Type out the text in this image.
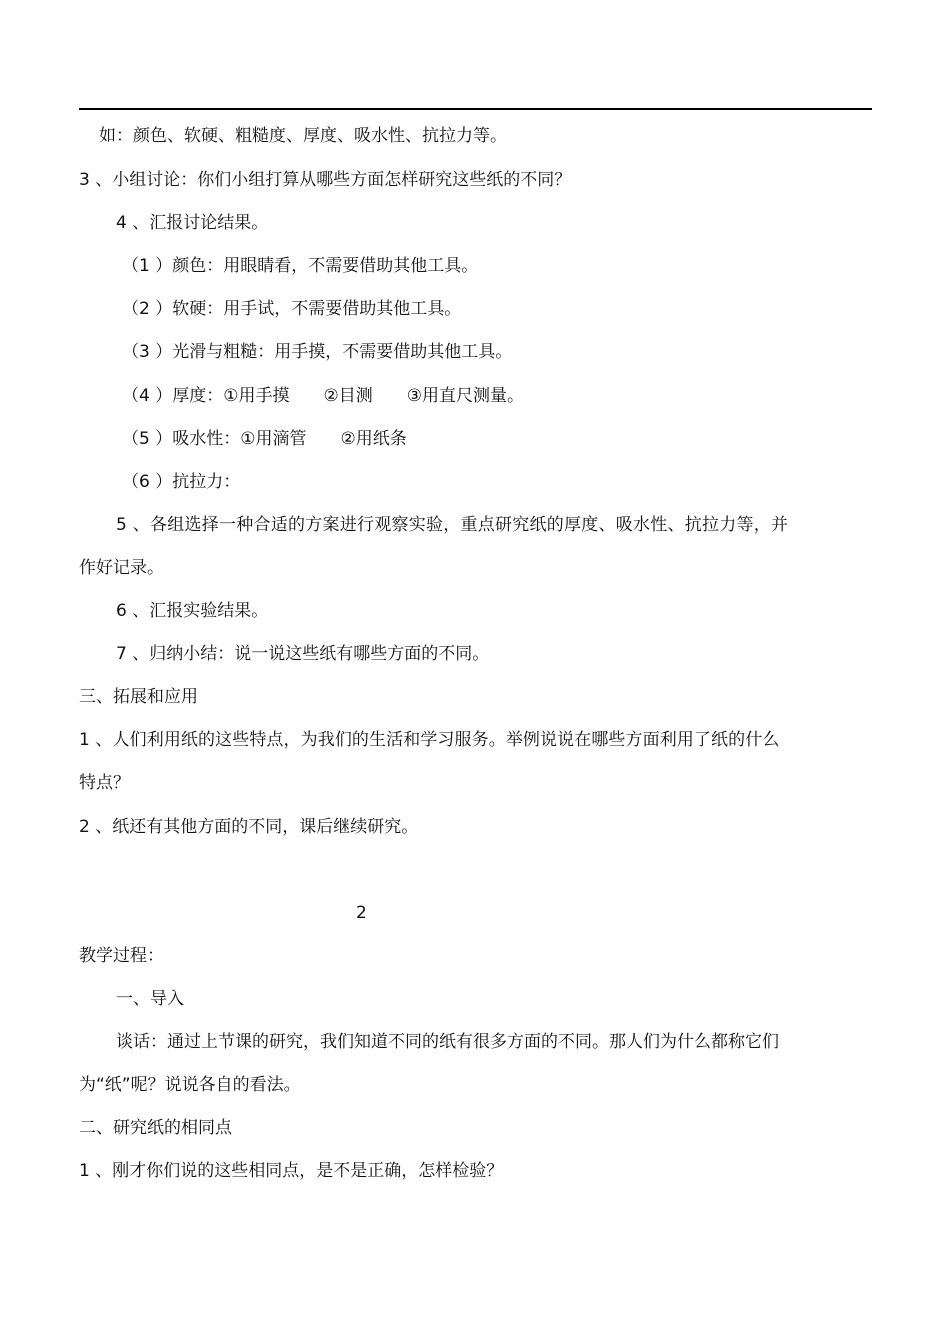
如：颜色、软硬、粗糙度、厚度、吸水性、抗拉力等。
3 、小组讨论：你们小组打算从哪些方面怎样研究这些纸的不同？
4 、汇报讨论结果。
（1 ）颜色：用眼睛看，不需要借助其他工具。
（2 ）软硬：用手试，不需要借助其他工具。
（3 ）光滑与粗糙：用手摸，不需要借助其他工具。
（4 ）厚度：①用手摸　　②目测　　③用直尺测量。
（5 ）吸水性：①用滴管　　②用纸条
（6 ）抗拉力：
5 、各组选择一种合适的方案进行观察实验，重点研究纸的厚度、吸水性、抗拉力等，并
作好记录。
6 、汇报实验结果。
7 、归纳小结：说一说这些纸有哪些方面的不同。
三、拓展和应用
1 、人们利用纸的这些特点，为我们的生活和学习服务。举例说说在哪些方面利用了纸的什么
特点？
2 、纸还有其他方面的不同，课后继续研究。
2
教学过程：
一、导入
谈话：通过上节课的研究，我们知道不同的纸有很多方面的不同。那人们为什么都称它们
为“纸”呢？说说各自的看法。
二、研究纸的相同点
1 、刚才你们说的这些相同点，是不是正确，怎样检验？
